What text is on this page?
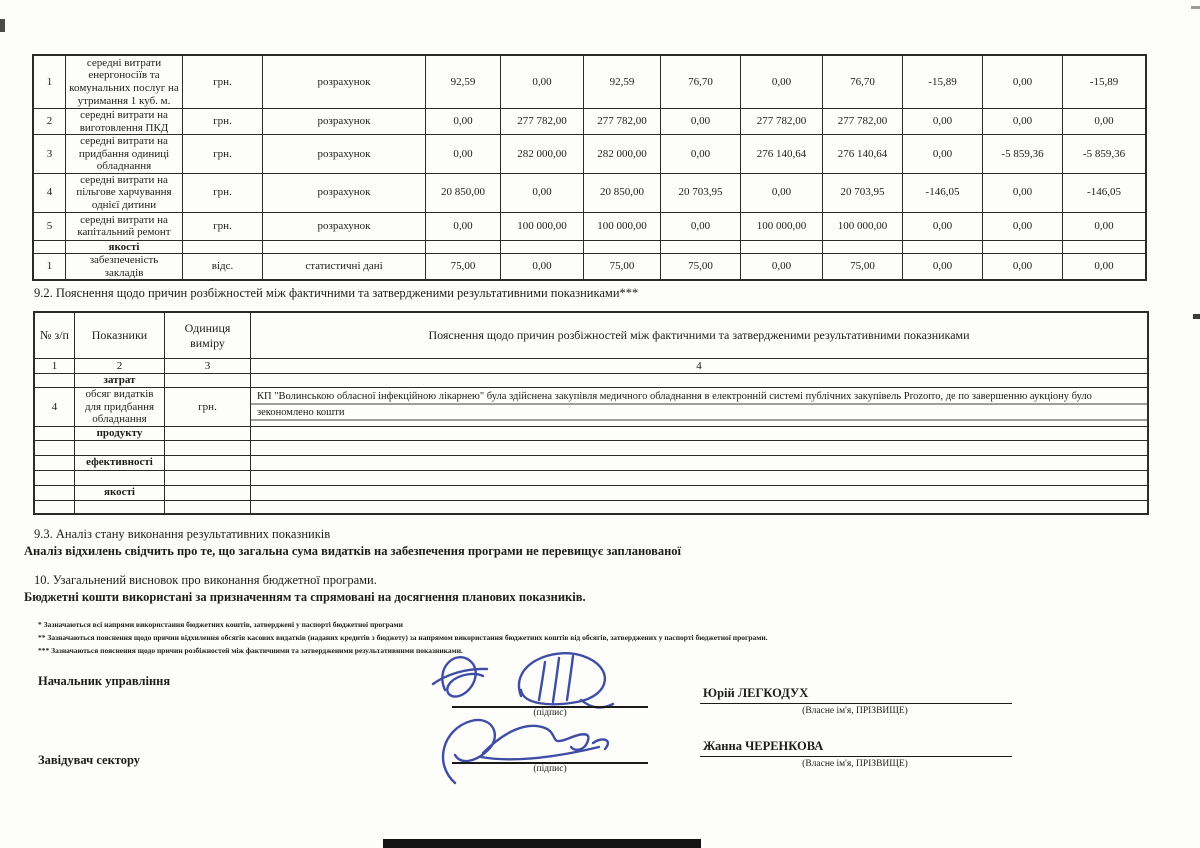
1	середні витрати енергоносіїв та комунальних послуг на утримання 1 куб. м.	грн.	розрахунок	92,59	0,00	92,59	76,70	0,00	76,70	-15,89	0,00	-15,89
2	середні витрати на виготовлення ПКД	грн.	розрахунок	0,00	277 782,00	277 782,00	0,00	277 782,00	277 782,00	0,00	0,00	0,00
3	середні витрати на придбання одиниці обладнання	грн.	розрахунок	0,00	282 000,00	282 000,00	0,00	276 140,64	276 140,64	0,00	-5 859,36	-5 859,36
4	середні витрати на пільгове харчування однієї дитини	грн.	розрахунок	20 850,00	0,00	20 850,00	20 703,95	0,00	20 703,95	-146,05	0,00	-146,05
5	середні витрати на капітальний ремонт	грн.	розрахунок	0,00	100 000,00	100 000,00	0,00	100 000,00	100 000,00	0,00	0,00	0,00
	якості											
1	забезпеченість закладів	відс.	статистичні дані	75,00	0,00	75,00	75,00	0,00	75,00	0,00	0,00	0,00
9.2. Пояснення щодо причин розбіжностей між фактичними та затвердженими результативними показниками***
№ з/п	Показники	Одиниця виміру	Пояснення щодо причин розбіжностей між фактичними та затвердженими результативними показниками
1	2	3	4
	затрат		
4	обсяг видатків для придбання обладнання	грн.	КП "Волинською обласної інфекційною лікарнею" була здійснена закупівля медичного обладнання в електронній системі публічних закупівель Prozorro, де по завершенню аукціону було зекономлено кошти
	продукту		

	ефективності		

	якості		

9.3. Аналіз стану виконання результативних показників
Аналіз відхилень свідчить про те, що загальна сума видатків на забезпечення програми не перевищує запланованої
10. Узагальнений висновок про виконання бюджетної програми.
Бюджетні кошти використані за призначенням та спрямовані на досягнення планових показників.
* Зазначаються всі напрями використання бюджетних коштів, затверджені у паспорті бюджетної програми
** Зазначаються пояснення щодо причин відхилення обсягів касових видатків (наданих кредитів з бюджету) за напрямом використання бюджетних коштів від обсягів, затверджених у паспорті бюджетної програми.
*** Зазначаються пояснення щодо причин розбіжностей між фактичними та затвердженими результативними показниками.
Начальник управління
Завідувач сектору
(підпис)
(підпис)
Юрій ЛЕГКОДУХ
(Власне ім'я, ПРІЗВИЩЕ)
Жанна ЧЕРЕНКОВА
(Власне ім'я, ПРІЗВИЩЕ)
